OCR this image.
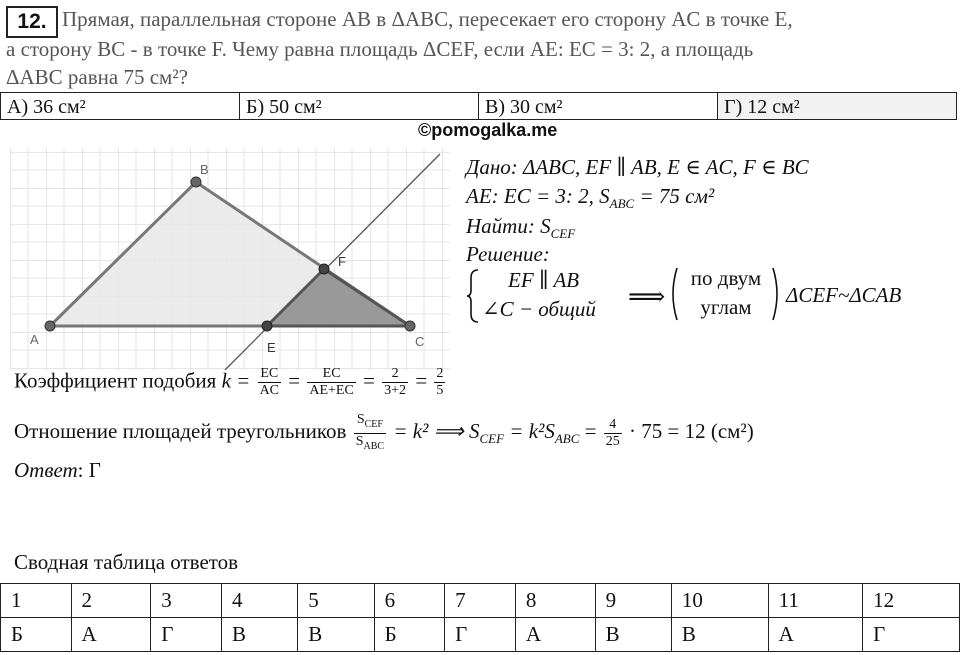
12. Прямая, параллельная стороне AB в ΔABC, пересекает его сторону AC в точке E,
а сторону BC - в точке F. Чему равна площадь ΔCEF, если AE: EC = 3: 2, а площадь
ΔABC равна 75 см²?
А) 36 см²	Б) 50 см²	В) 30 см²	Г) 12 см²
©pomogalka.me
A
B
C
E
F
Дано: ΔABC, EF ∥ AB, E ∈ AC, F ∈ BC
AE: EC = 3: 2, $S_{ABC} = 75$ см²
Найти: $S_{CEF}$
Решение:
EF ∥ AB
∠C − общий ⟹
по двум
углам	ΔCEF~ΔCAB
Коэффициент подобия $k = \frac{EC}{AC} = \frac{EC}{AE+EC} = \frac{2}{3+2} = \frac{2}{5}$
Отношение площадей треугольников $\frac{S_{CEF}}{S_{ABC}} = k^2$ ⟹ $S_{CEF} = k^2S_{ABC} = \frac{4}{25} \cdot 75 = 12$ (см²)
Ответ: Г
Сводная таблица ответов
1	2	3	4	5	6	7	8	9	10	11	12
Б	А	Г	В	В	Б	Г	А	В	В	А	Г
